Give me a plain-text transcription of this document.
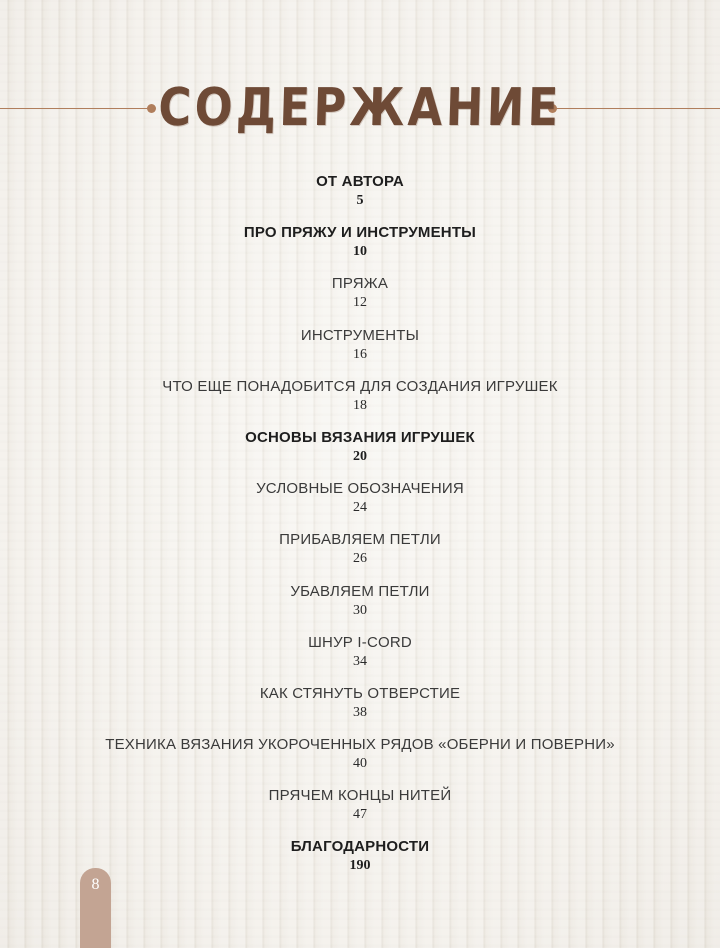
СОДЕРЖАНИЕ
ОТ АВТОРА
5
ПРО ПРЯЖУ И ИНСТРУМЕНТЫ
10
ПРЯЖА
12
ИНСТРУМЕНТЫ
16
ЧТО ЕЩЕ ПОНАДОБИТСЯ ДЛЯ СОЗДАНИЯ ИГРУШЕК
18
ОСНОВЫ ВЯЗАНИЯ ИГРУШЕК
20
УСЛОВНЫЕ ОБОЗНАЧЕНИЯ
24
ПРИБАВЛЯЕМ ПЕТЛИ
26
УБАВЛЯЕМ ПЕТЛИ
30
ШНУР I-CORD
34
КАК СТЯНУТЬ ОТВЕРСТИЕ
38
ТЕХНИКА ВЯЗАНИЯ УКОРОЧЕННЫХ РЯДОВ «ОБЕРНИ И ПОВЕРНИ»
40
ПРЯЧЕМ КОНЦЫ НИТЕЙ
47
БЛАГОДАРНОСТИ
190
8
